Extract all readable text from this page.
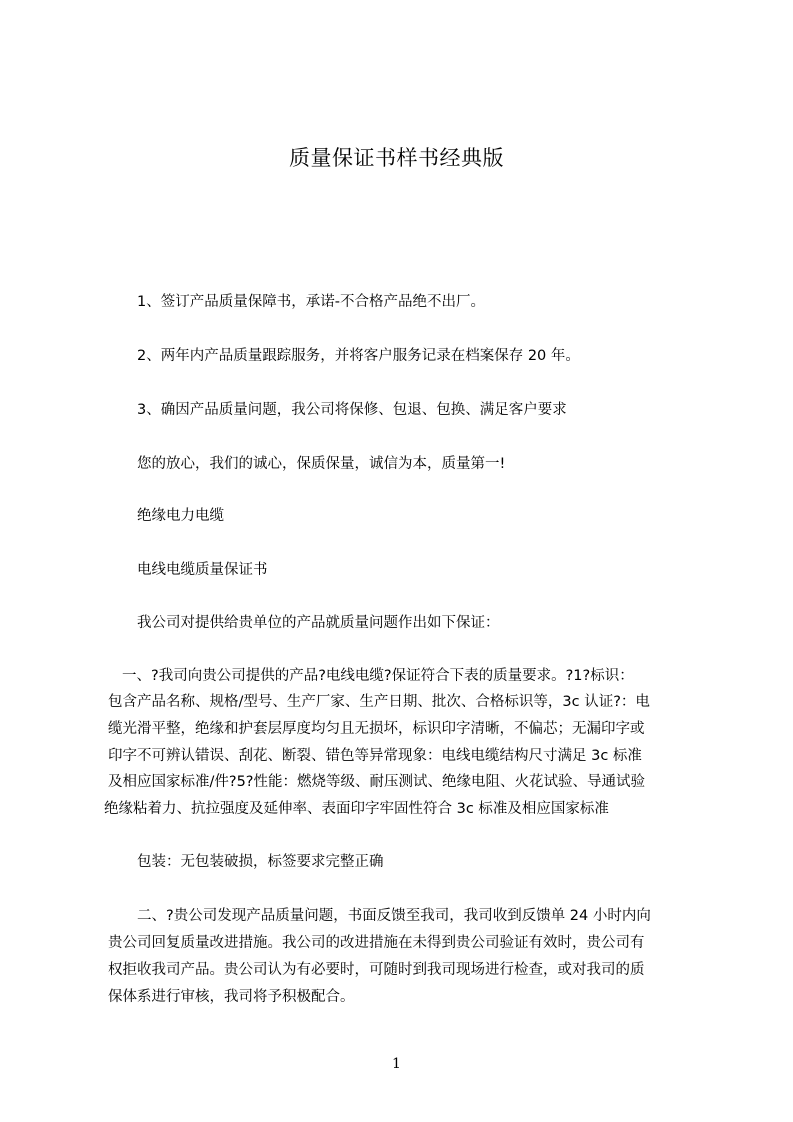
质量保证书样书经典版
1、签订产品质量保障书，承诺-不合格产品绝不出厂。
2、两年内产品质量跟踪服务，并将客户服务记录在档案保存 20 年。
3、确因产品质量问题，我公司将保修、包退、包换、满足客户要求
您的放心，我们的诚心，保质保量，诚信为本，质量第一!
绝缘电力电缆
电线电缆质量保证书
我公司对提供给贵单位的产品就质量问题作出如下保证：
一、?我司向贵公司提供的产品?电线电缆?保证符合下表的质量要求。?1?标识：
包含产品名称、规格/型号、生产厂家、生产日期、批次、合格标识等，3c 认证?：电
缆光滑平整，绝缘和护套层厚度均匀且无损坏，标识印字清晰，不偏芯；无漏印字或
印字不可辨认错误、刮花、断裂、错色等异常现象：电线电缆结构尺寸满足 3c 标准
及相应国家标准/件?5?性能：燃烧等级、耐压测试、绝缘电阻、火花试验、导通试验
绝缘粘着力、抗拉强度及延伸率、表面印字牢固性符合 3c 标准及相应国家标准
包装：无包装破损，标签要求完整正确
二、?贵公司发现产品质量问题，书面反馈至我司，我司收到反馈单 24 小时内向
贵公司回复质量改进措施。我公司的改进措施在未得到贵公司验证有效时，贵公司有
权拒收我司产品。贵公司认为有必要时，可随时到我司现场进行检查，或对我司的质
保体系进行审核，我司将予积极配合。
1
